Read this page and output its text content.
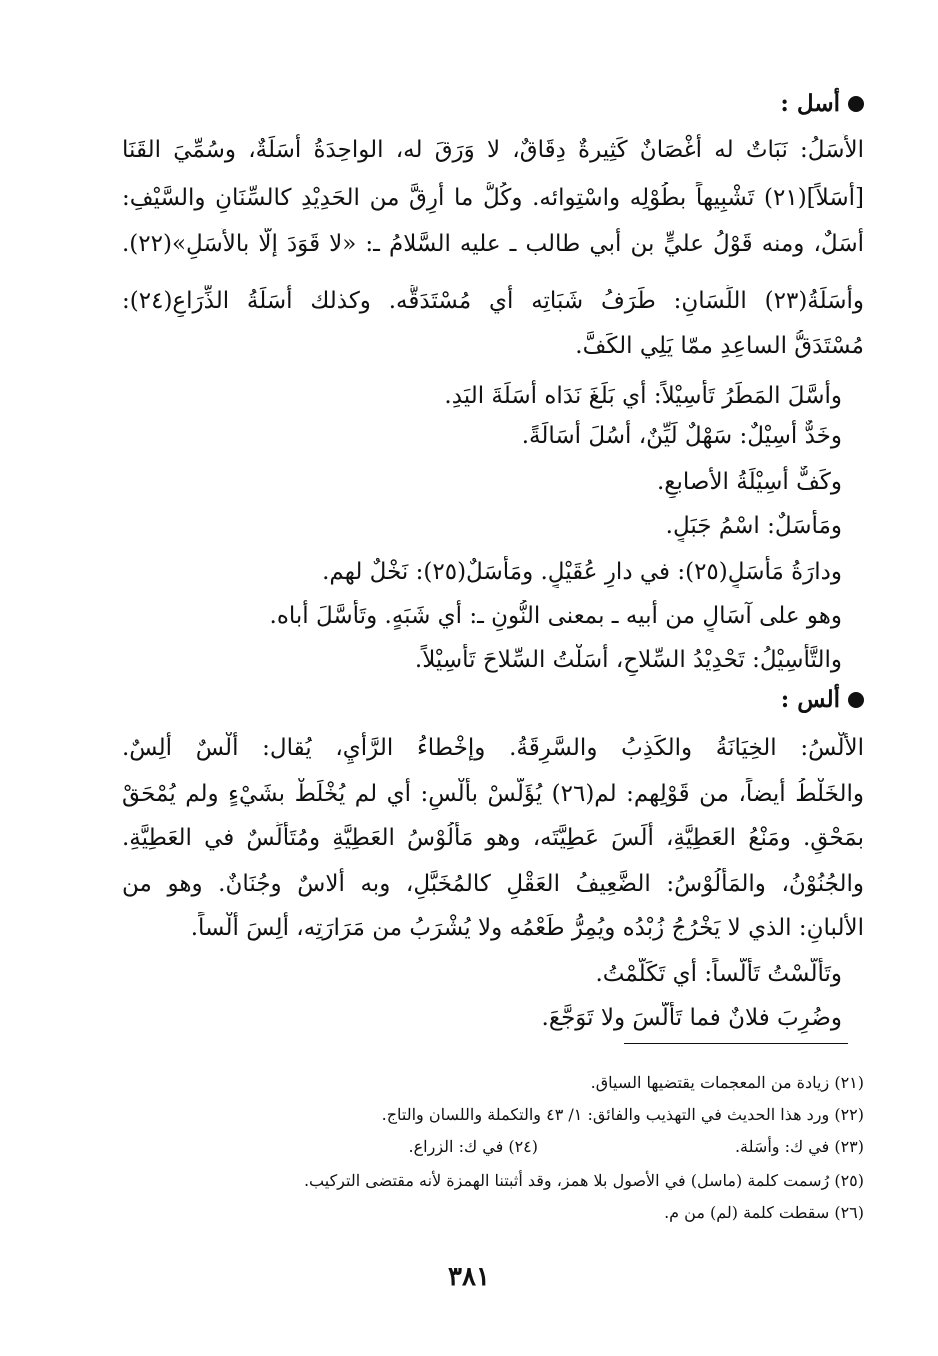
أسل :
الأَسَلُ: نَبَاتٌ له أغْصَانٌ كَثِيرةٌ دِقَاقٌ، لا وَرَقَ له، الواحِدَةُ أَسَلَةٌ، وسُمِّيَ القَنَا
[أسَلاً](٢١) تَشْبِيهاً بطُوْلِه واسْتِوائه. وكُلُّ ما أُرِقَّ من الحَدِيْدِ كالسِّنَانِ والسَّيْفِ:
أَسَلٌ، ومنه قَوْلُ عليٍّ بن أبي طالب ـ عليه السَّلامُ ـ: «لا قَوَدَ إلّا بالأَسَلِ»(٢٢).
وأَسَلَةُ(٢٣) اللِّسَانِ: طَرَفُ شَبَاتِه أي مُسْتَدَقُّه. وكذلك أَسَلَةُ الذِّرَاعِ(٢٤):
مُسْتَدَقُّ الساعِدِ ممّا يَلِي الكَفَّ.
وأَسَّلَ المَطَرُ تَأْسِيْلاً: أي بَلَغَ نَدَاه أَسَلَةَ اليَدِ.
وخَدٌّ أَسِيْلٌ: سَهْلٌ لَيِّنٌ، أَسُلَ أَسَالَةً.
وكَفٌّ أَسِيْلَةُ الأصابعِ.
ومَأْسَلٌ: اسْمُ جَبَلٍ.
ودارَةُ مَأْسَلٍ(٢٥): في دارِ عُقَيْلٍ. ومَأْسَلٌ(٢٥): نَخْلٌ لهم.
وهو على آسَالٍ من أبيه ـ بمعنى النُّونِ ـ: أي شَبَهٍ. وتَأَسَّلَ أباه.
والتَّأْسِيْلُ: تَحْدِيْدُ السِّلاحِ، أَسَلْتُ السِّلاحَ تَأْسِيْلاً.
ألس :
الأَلْسُ: الخِيَانَةُ والكَذِبُ والسَّرِقَةُ. وإخْطاءُ الرَّأْيِ، يُقال: أَلْسٌ أَلِسٌ.
والخَلْطُ أيضاً، من قَوْلِهم: لم(٢٦) يُؤَلَّسْ بأَلْسٍ: أي لم يُخْلَطْ بشَيْءٍ ولم يُمْحَقْ
بمَحْقٍ. ومَنْعُ العَطِيَّةِ، أَلَسَ عَطِيَّتَه، وهو مَأْلُوْسُ العَطِيَّةِ ومُتَأَلِّسٌ في العَطِيَّةِ.
والجُنُوْنُ، والمَأْلُوْسُ: الضَّعِيفُ العَقْلِ كالمُخَبَّلِ، وبه أَلاسٌ وجُنَانٌ. وهو من
الألبانِ: الذي لا يَخْرُجُ زُبْدُه ويُمِرُّ طَعْمُه ولا يُشْرَبُ من مَرَارَتِه، أَلِسَ أَلْساً.
وتَأَلَّسْتُ تَأَلُّساً: أي تَكَلَّمْتُ.
وضُرِبَ فلانٌ فما تَأَلَّسَ ولا تَوَجَّعَ.
(٢١) زيادة من المعجمات يقتضيها السياق.
(٢٢) ورد هذا الحديث في التهذيب والفائق: ١/ ٤٣ والتكملة واللسان والتاج.
(٢٣) في ك: وأسَلة.
(٢٤) في ك: الزراع.
(٢٥) رُسمت كلمة (ماسل) في الأصول بلا همز، وقد أثبتنا الهمزة لأنه مقتضى التركيب.
(٢٦) سقطت كلمة (لم) من م.
٣٨١
